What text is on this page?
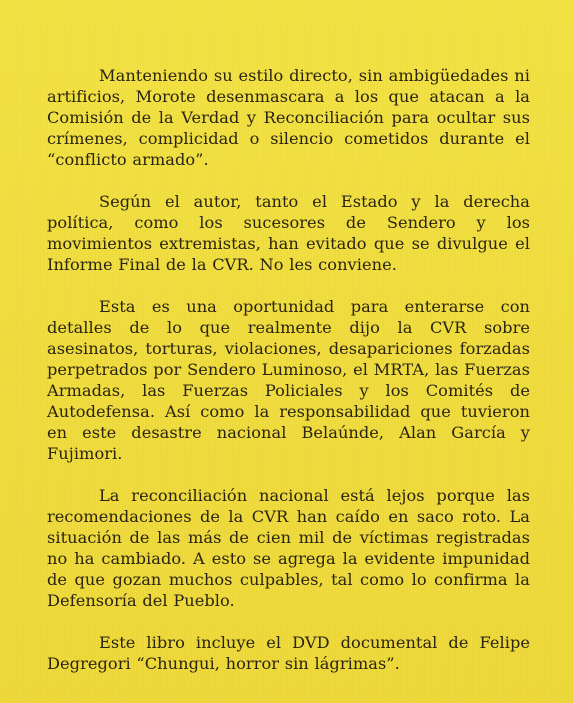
Manteniendo su estilo directo, sin ambigüedades ni artificios, Morote desenmascara a los que atacan a la Comisión de la Verdad y Reconciliación para ocultar sus crímenes, complicidad o silencio cometidos durante el “conflicto armado”.

Según el autor, tanto el Estado y la derecha política, como los sucesores de Sendero y los movimientos extremistas, han evitado que se divulgue el Informe Final de la CVR. No les conviene.

Esta es una oportunidad para enterarse con detalles de lo que realmente dijo la CVR sobre asesinatos, torturas, violaciones, desapariciones forzadas perpetrados por Sendero Luminoso, el MRTA, las Fuerzas Armadas, las Fuerzas Policiales y los Comités de Autodefensa. Así como la responsabilidad que tuvieron en este desastre nacional Belaúnde, Alan García y Fujimori.

La reconciliación nacional está lejos porque las recomendaciones de la CVR han caído en saco roto. La situación de las más de cien mil de víctimas registradas no ha cambiado. A esto se agrega la evidente impunidad de que gozan muchos culpables, tal como lo confirma la Defensoría del Pueblo.

Este libro incluye el DVD documental de Felipe Degregori “Chungui, horror sin lágrimas”.
